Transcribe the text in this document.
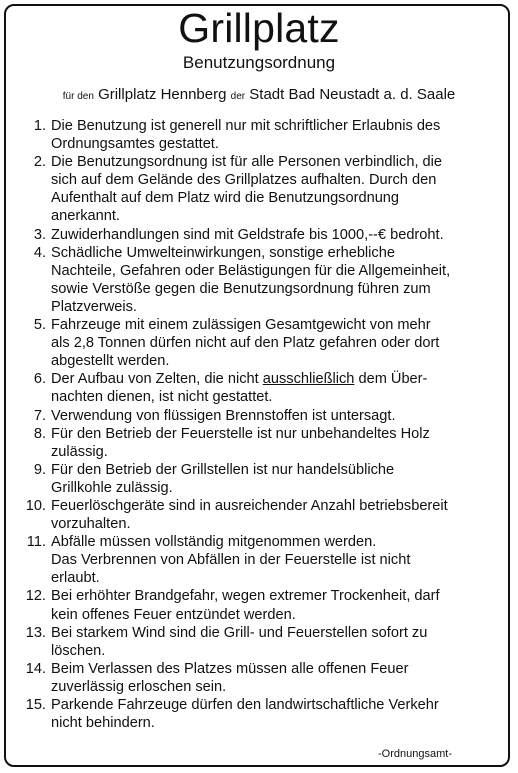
Grillplatz
Benutzungsordnung
für den Grillplatz Hennberg der Stadt Bad Neustadt a. d. Saale
1. Die Benutzung ist generell nur mit schriftlicher Erlaubnis des
Ordnungsamtes gestattet.
2. Die Benutzungsordnung ist für alle Personen verbindlich, die
sich auf dem Gelände des Grillplatzes aufhalten. Durch den
Aufenthalt auf dem Platz wird die Benutzungsordnung
anerkannt.
3. Zuwiderhandlungen sind mit Geldstrafe bis 1000,--€ bedroht.
4. Schädliche Umwelteinwirkungen, sonstige erhebliche
Nachteile, Gefahren oder Belästigungen für die Allgemeinheit,
sowie Verstöße gegen die Benutzungsordnung führen zum
Platzverweis.
5. Fahrzeuge mit einem zulässigen Gesamtgewicht von mehr
als 2,8 Tonnen dürfen nicht auf den Platz gefahren oder dort
abgestellt werden.
6. Der Aufbau von Zelten, die nicht ausschließlich dem Über-
nachten dienen, ist nicht gestattet.
7. Verwendung von flüssigen Brennstoffen ist untersagt.
8. Für den Betrieb der Feuerstelle ist nur unbehandeltes Holz
zulässig.
9. Für den Betrieb der Grillstellen ist nur handelsübliche
Grillkohle zulässig.
10. Feuerlöschgeräte sind in ausreichender Anzahl betriebsbereit
vorzuhalten.
11. Abfälle müssen vollständig mitgenommen werden.
Das Verbrennen von Abfällen in der Feuerstelle ist nicht
erlaubt.
12. Bei erhöhter Brandgefahr, wegen extremer Trockenheit, darf
kein offenes Feuer entzündet werden.
13. Bei starkem Wind sind die Grill- und Feuerstellen sofort zu
löschen.
14. Beim Verlassen des Platzes müssen alle offenen Feuer
zuverlässig erloschen sein.
15. Parkende Fahrzeuge dürfen den landwirtschaftliche Verkehr
nicht behindern.
-Ordnungsamt-
